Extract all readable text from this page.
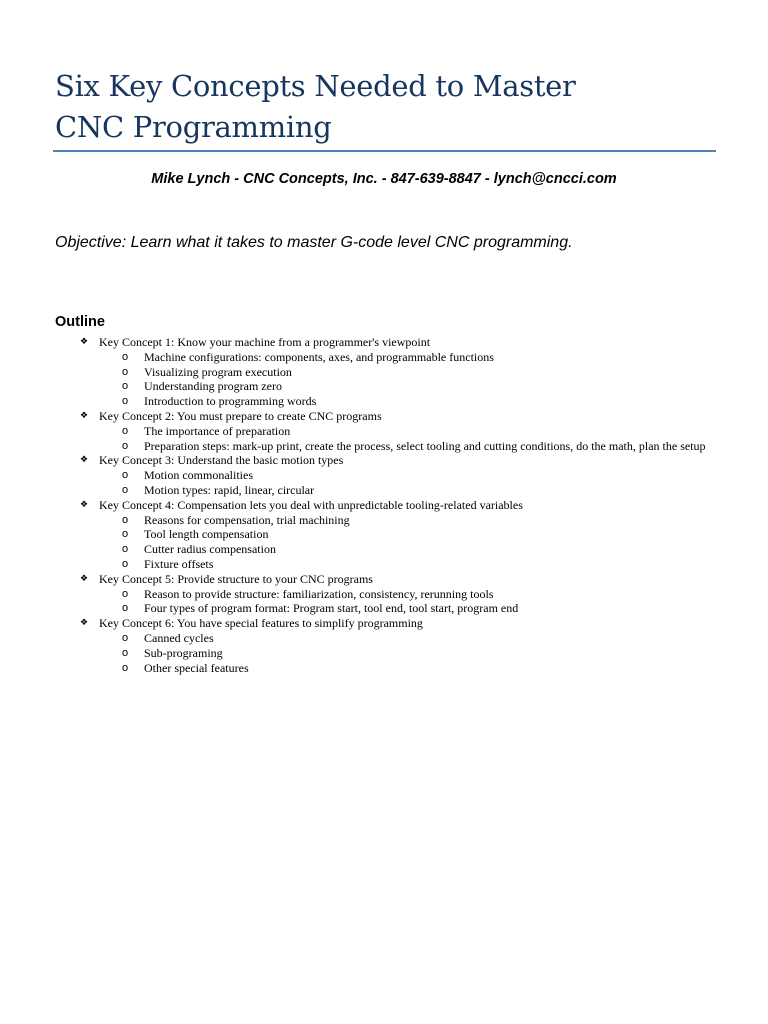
Six Key Concepts Needed to Master
CNC Programming
Mike Lynch - CNC Concepts, Inc. - 847-639-8847 - lynch@cncci.com
Objective: Learn what it takes to master G-code level CNC programming.
Outline
❖ Key Concept 1: Know your machine from a programmer's viewpoint
o Machine configurations: components, axes, and programmable functions
o Visualizing program execution
o Understanding program zero
o Introduction to programming words
❖ Key Concept 2: You must prepare to create CNC programs
o The importance of preparation
o Preparation steps: mark-up print, create the process, select tooling and cutting conditions, do the math, plan the setup
❖ Key Concept 3: Understand the basic motion types
o Motion commonalities
o Motion types: rapid, linear, circular
❖ Key Concept 4: Compensation lets you deal with unpredictable tooling-related variables
o Reasons for compensation, trial machining
o Tool length compensation
o Cutter radius compensation
o Fixture offsets
❖ Key Concept 5: Provide structure to your CNC programs
o Reason to provide structure: familiarization, consistency, rerunning tools
o Four types of program format: Program start, tool end, tool start, program end
❖ Key Concept 6: You have special features to simplify programming
o Canned cycles
o Sub-programing
o Other special features
